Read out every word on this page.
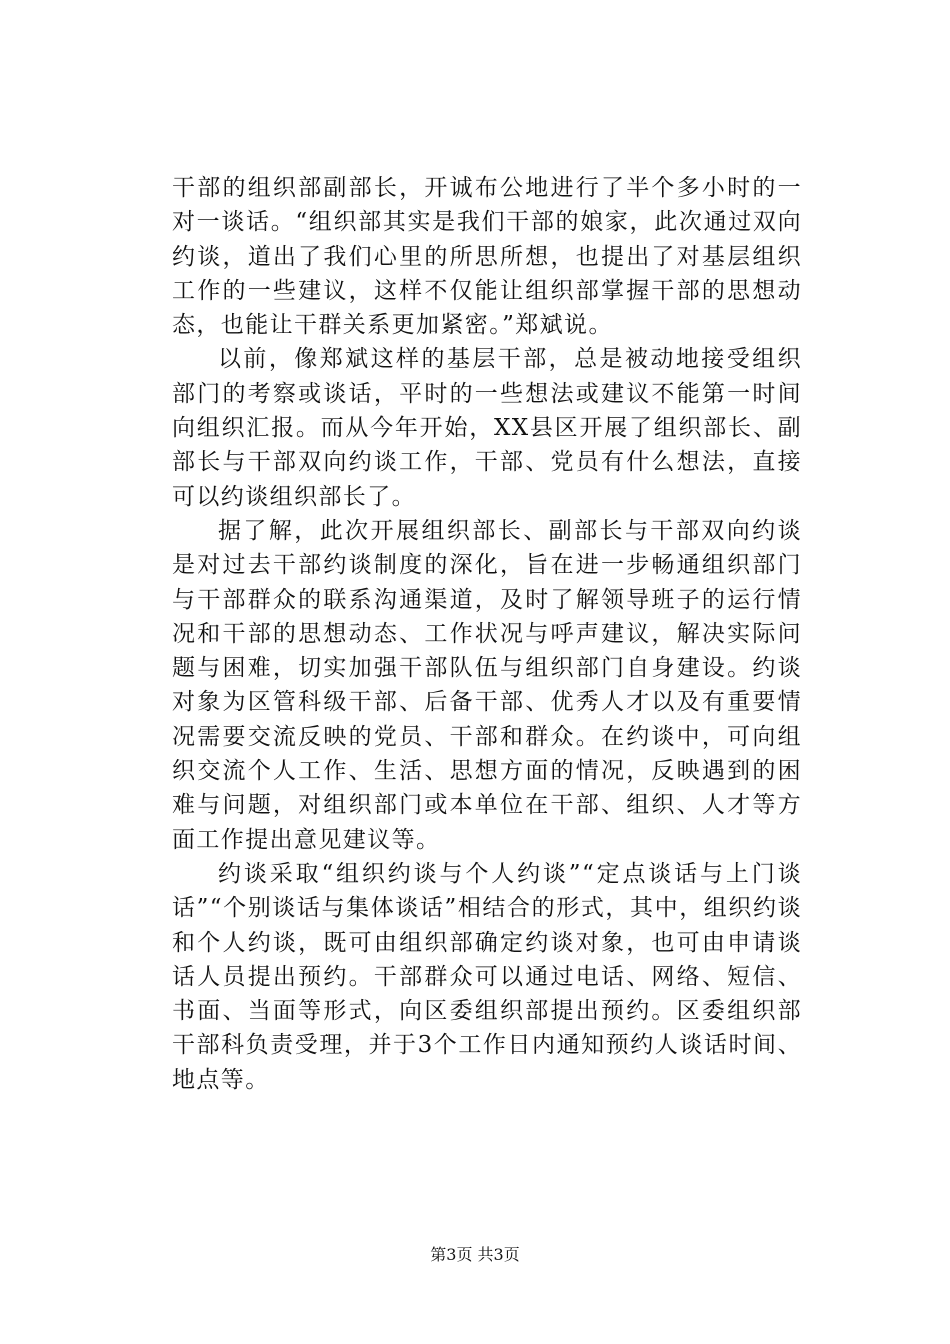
干部的组织部副部长，开诚布公地进行了半个多小时的一对一谈话。“组织部其实是我们干部的娘家，此次通过双向约谈，道出了我们心里的所思所想，也提出了对基层组织工作的一些建议，这样不仅能让组织部掌握干部的思想动态，也能让干群关系更加紧密。”郑斌说。

以前，像郑斌这样的基层干部，总是被动地接受组织部门的考察或谈话，平时的一些想法或建议不能第一时间向组织汇报。而从今年开始，XX县区开展了组织部长、副部长与干部双向约谈工作，干部、党员有什么想法，直接可以约谈组织部长了。

据了解，此次开展组织部长、副部长与干部双向约谈是对过去干部约谈制度的深化，旨在进一步畅通组织部门与干部群众的联系沟通渠道，及时了解领导班子的运行情况和干部的思想动态、工作状况与呼声建议，解决实际问题与困难，切实加强干部队伍与组织部门自身建设。约谈对象为区管科级干部、后备干部、优秀人才以及有重要情况需要交流反映的党员、干部和群众。在约谈中，可向组织交流个人工作、生活、思想方面的情况，反映遇到的困难与问题，对组织部门或本单位在干部、组织、人才等方面工作提出意见建议等。

约谈采取“组织约谈与个人约谈”“定点谈话与上门谈话”“个别谈话与集体谈话”相结合的形式，其中，组织约谈和个人约谈，既可由组织部确定约谈对象，也可由申请谈话人员提出预约。干部群众可以通过电话、网络、短信、书面、当面等形式，向区委组织部提出预约。区委组织部干部科负责受理，并于3个工作日内通知预约人谈话时间、地点等。

第3页 共3页
